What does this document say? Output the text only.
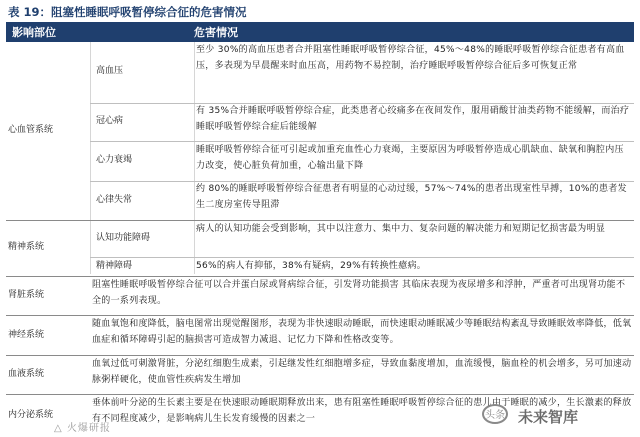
表 19：阻塞性睡眠呼吸暂停综合征的危害情况
影响部位	危害情况
心血管系统
高血压
至少 30%的高血压患者合并阻塞性睡眠呼吸暂停综合征，45%～48%的睡眠呼吸暂停综合征患者有高血压，多表现为早晨醒来时血压高，用药物不易控制，治疗睡眠呼吸暂停综合征后多可恢复正常
冠心病
有 35%合并睡眠呼吸暂停综合症，此类患者心绞痛多在夜间发作，服用硝酸甘油类药物不能缓解，而治疗睡眠呼吸暂停综合症后能缓解
心力衰竭
睡眠呼吸暂停综合征可引起或加重充血性心力衰竭，主要原因为呼吸暂停造成心肌缺血、缺氧和胸腔内压力改变，使心脏负荷加重，心输出量下降
心律失常
约 80%的睡眠呼吸暂停综合征患者有明显的心动过缓，57%～74%的患者出现室性早搏，10%的患者发生二度房室传导阻滞
精神系统
认知功能障碍
病人的认知功能会受到影响，其中以注意力、集中力、复杂问题的解决能力和短期记忆损害最为明显
精神障碍	56%的病人有抑郁，38%有疑病，29%有转换性癔病。
肾脏系统
阻塞性睡眠呼吸暂停综合征可以合并蛋白尿或肾病综合征，引发肾功能损害 其临床表现为夜尿增多和浮肿，严重者可出现肾功能不全的一系列表现。
神经系统
随血氧饱和度降低，脑电图常出现觉醒图形，表现为非快速眼动睡眠，而快速眼动睡眠减少等睡眠结构紊乱导致睡眠效率降低，低氧血症和循环障碍引起的脑损害可造成智力减退、记忆力下降和性格改变等。
血液系统
血氧过低可刺激肾脏，分泌红细胞生成素，引起继发性红细胞增多症，导致血黏度增加，血流缓慢，脑血栓的机会增多，另可加速动脉粥样硬化，使血管性疾病发生增加
内分泌系统
垂体前叶分泌的生长素主要是在快速眼动睡眠期释放出来，患有阻塞性睡眠呼吸暂停综合征的患儿由于睡眠的减少，生长激素的释放有不同程度减少，是影响病儿生长发育缓慢的因素之一
△ 火爆研报
头条 未来智库
